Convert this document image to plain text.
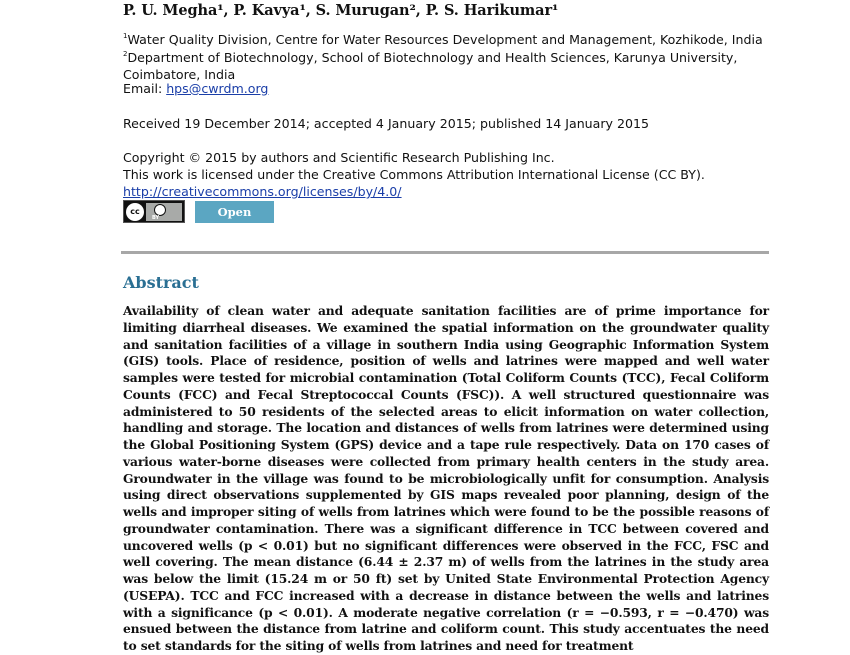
P. U. Megha¹, P. Kavya¹, S. Murugan², P. S. Harikumar¹
$^1$Water Quality Division, Centre for Water Resources Development and Management, Kozhikode, India
$^2$Department of Biotechnology, School of Biotechnology and Health Sciences, Karunya University, Coimbatore, India
Email: hps@cwrdm.org
Received 19 December 2014; accepted 4 January 2015; published 14 January 2015
Copyright © 2015 by authors and Scientific Research Publishing Inc.
This work is licensed under the Creative Commons Attribution International License (CC BY).
http://creativecommons.org/licenses/by/4.0/
cc
BY	Open Access
Abstract
Availability of clean water and adequate sanitation facilities are of prime importance for limiting diarrheal diseases. We examined the spatial information on the groundwater quality and sanitation facilities of a village in southern India using Geographic Information System (GIS) tools. Place of residence, position of wells and latrines were mapped and well water samples were tested for microbial contamination (Total Coliform Counts (TCC), Fecal Coliform Counts (FCC) and Fecal Streptococcal Counts (FSC)). A well structured questionnaire was administered to 50 residents of the selected areas to elicit information on water collection, handling and storage. The location and distances of wells from latrines were determined using the Global Positioning System (GPS) device and a tape rule respectively. Data on 170 cases of various water-borne diseases were collected from primary health centers in the study area. Groundwater in the village was found to be microbiologically unfit for consumption. Analysis using direct observations supplemented by GIS maps revealed poor planning, design of the wells and improper siting of wells from latrines which were found to be the possible reasons of groundwater contamination. There was a significant difference in TCC between covered and uncovered wells (p < 0.01) but no significant differences were observed in the FCC, FSC and well covering. The mean distance (6.44 ± 2.37 m) of wells from the latrines in the study area was below the limit (15.24 m or 50 ft) set by United State Environmental Protection Agency (USEPA). TCC and FCC increased with a decrease in distance between the wells and latrines with a significance (p < 0.01). A moderate negative correlation (r = −0.593, r = −0.470) was ensued between the distance from latrine and coliform count. This study accentuates the need to set standards for the siting of wells from latrines and need for treatment
